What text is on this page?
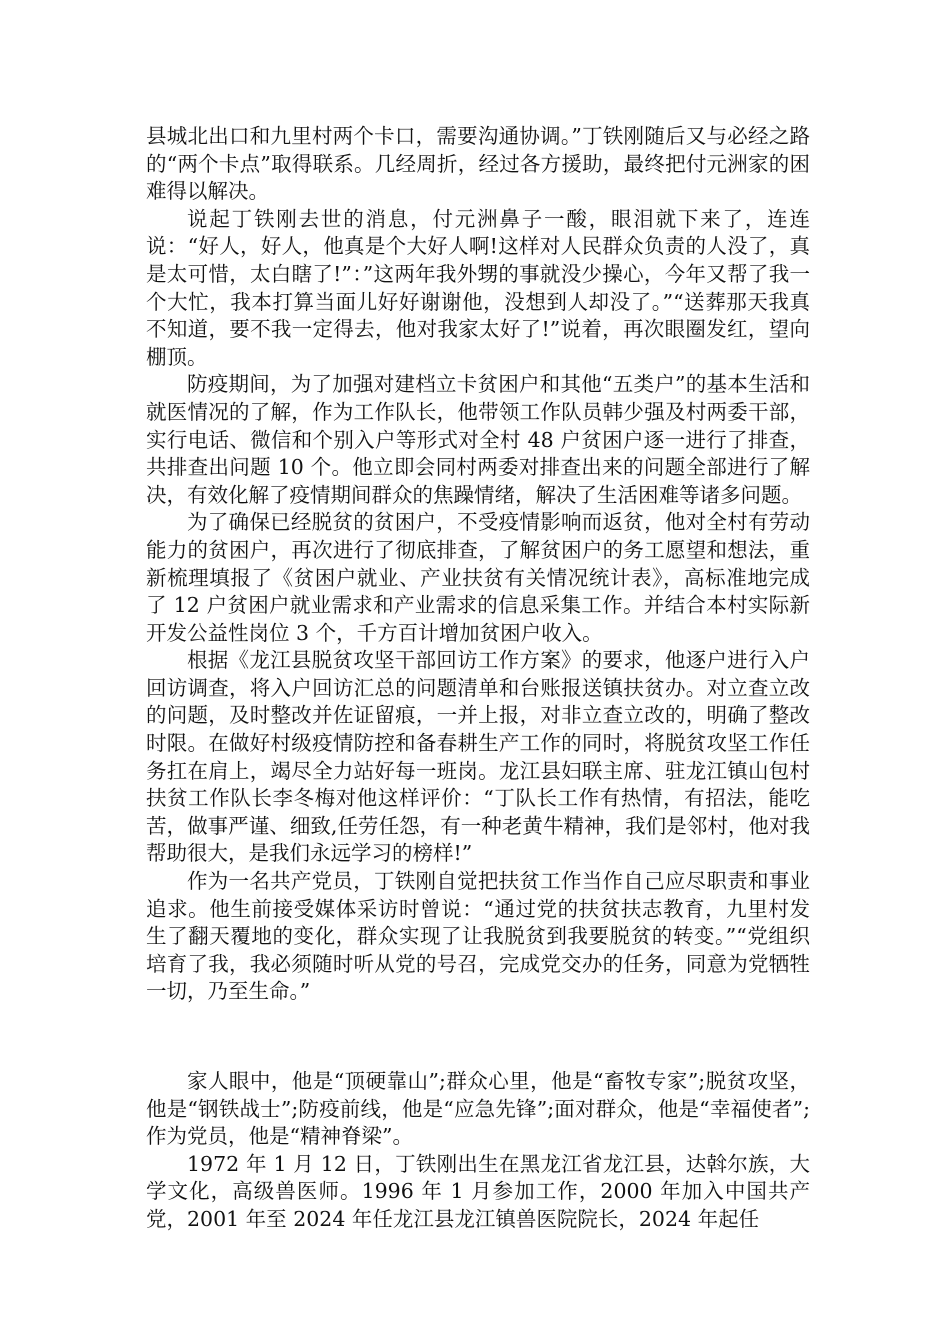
县城北出口和九里村两个卡口，需要沟通协调。”丁铁刚随后又与必经之路的“两个卡点”取得联系。几经周折，经过各方援助，最终把付元洲家的困难得以解决。

说起丁铁刚去世的消息，付元洲鼻子一酸，眼泪就下来了，连连说：“好人，好人，他真是个大好人啊!这样对人民群众负责的人没了，真是太可惜，太白瞎了!”：”这两年我外甥的事就没少操心，今年又帮了我一个大忙，我本打算当面儿好好谢谢他，没想到人却没了。”“送葬那天我真不知道，要不我一定得去，他对我家太好了!”说着，再次眼圈发红，望向棚顶。

防疫期间，为了加强对建档立卡贫困户和其他“五类户”的基本生活和就医情况的了解，作为工作队长，他带领工作队员韩少强及村两委干部，实行电话、微信和个别入户等形式对全村 48 户贫困户逐一进行了排查，共排查出问题 10 个。他立即会同村两委对排查出来的问题全部进行了解决，有效化解了疫情期间群众的焦躁情绪，解决了生活困难等诸多问题。

为了确保已经脱贫的贫困户，不受疫情影响而返贫，他对全村有劳动能力的贫困户，再次进行了彻底排查，了解贫困户的务工愿望和想法，重新梳理填报了《贫困户就业、产业扶贫有关情况统计表》，高标准地完成了 12 户贫困户就业需求和产业需求的信息采集工作。并结合本村实际新开发公益性岗位 3 个，千方百计增加贫困户收入。

根据《龙江县脱贫攻坚干部回访工作方案》的要求，他逐户进行入户回访调查，将入户回访汇总的问题清单和台账报送镇扶贫办。对立查立改的问题，及时整改并佐证留痕，一并上报，对非立查立改的，明确了整改时限。在做好村级疫情防控和备春耕生产工作的同时，将脱贫攻坚工作任务扛在肩上，竭尽全力站好每一班岗。龙江县妇联主席、驻龙江镇山包村扶贫工作队长李冬梅对他这样评价：“丁队长工作有热情，有招法，能吃苦，做事严谨、细致,任劳任怨，有一种老黄牛精神，我们是邻村，他对我帮助很大，是我们永远学习的榜样!”

作为一名共产党员，丁铁刚自觉把扶贫工作当作自己应尽职责和事业追求。他生前接受媒体采访时曾说：“通过党的扶贫扶志教育，九里村发生了翻天覆地的变化，群众实现了让我脱贫到我要脱贫的转变。”“党组织培育了我，我必须随时听从党的号召，完成党交办的任务，同意为党牺牲一切，乃至生命。”

家人眼中，他是“顶硬靠山”;群众心里，他是“畜牧专家”;脱贫攻坚，他是“钢铁战士”;防疫前线，他是“应急先锋”;面对群众，他是“幸福使者”;作为党员，他是“精神脊梁”。

1972 年 1 月 12 日，丁铁刚出生在黑龙江省龙江县，达斡尔族，大学文化，高级兽医师。1996 年 1 月参加工作，2000 年加入中国共产党，2001 年至 2024 年任龙江县龙江镇兽医院院长，2024 年起任
